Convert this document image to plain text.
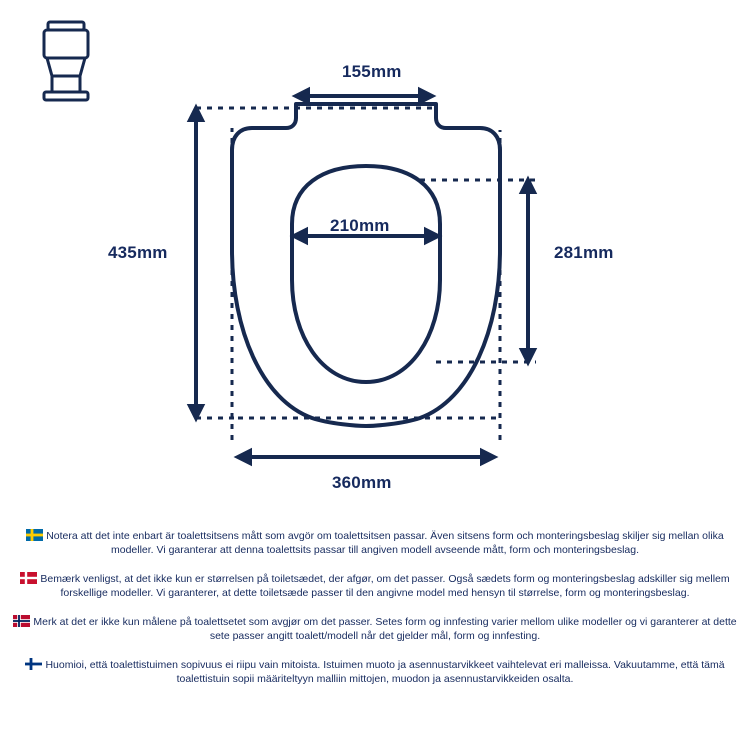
155mm
435mm
210mm
281mm
360mm
Notera att det inte enbart är toalettsitsens mått som avgör om toalettsitsen passar. Även sitsens form och monteringsbeslag skiljer sig mellan olika modeller. Vi garanterar att denna toalettsits passar till angiven modell avseende mått, form och monteringsbeslag.
Bemærk venligst, at det ikke kun er størrelsen på toiletsædet, der afgør, om det passer. Også sædets form og monteringsbeslag adskiller sig mellem forskellige modeller. Vi garanterer, at dette toiletsæde passer til den angivne model med hensyn til størrelse, form og monteringsbeslag.
Merk at det er ikke kun målene på toalettsetet som avgjør om det passer. Setes form og innfesting varier mellom ulike modeller og vi garanterer at dette sete passer angitt toalett/modell når det gjelder mål, form og innfesting.
Huomioi, että toalettistuimen sopivuus ei riipu vain mitoista. Istuimen muoto ja asennustarvikkeet vaihtelevat eri malleissa. Vakuutamme, että tämä toalettistuin sopii määriteltyyn malliin mittojen, muodon ja asennustarvikkeiden osalta.
